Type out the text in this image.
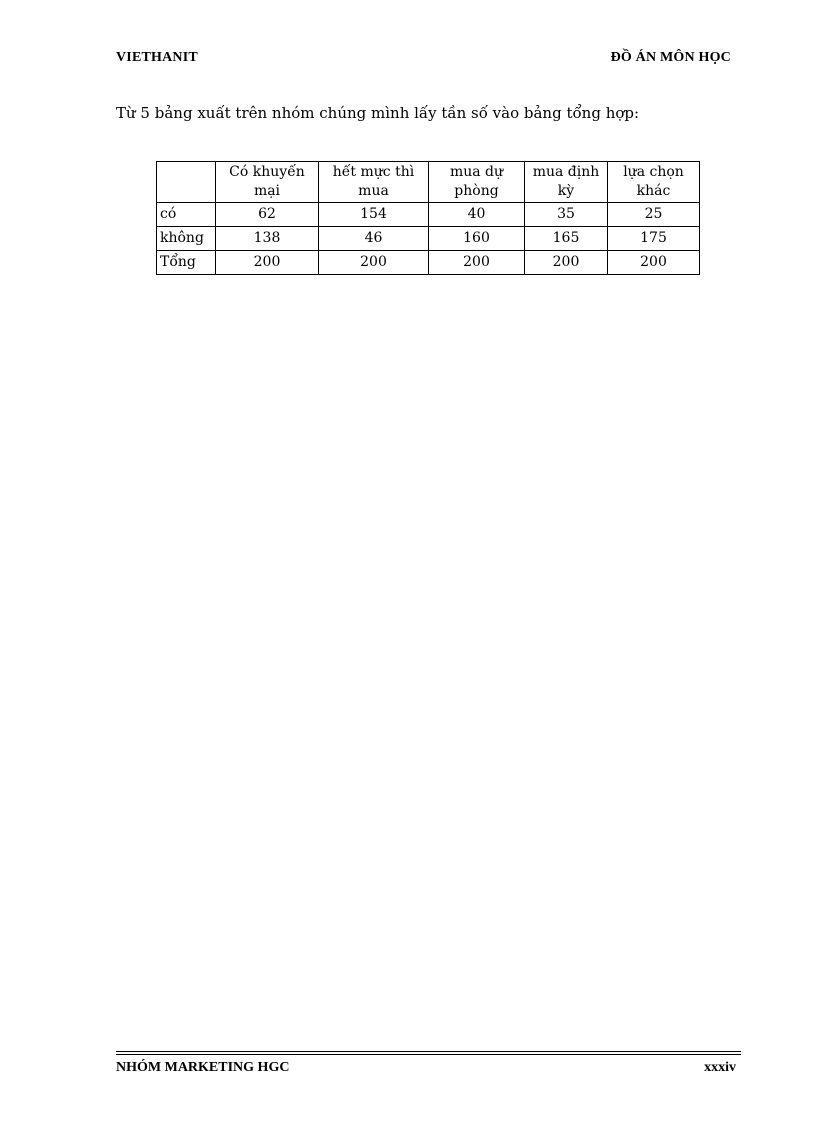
VIETHANIT	ĐỒ ÁN MÔN HỌC
Từ 5 bảng xuất trên nhóm chúng mình lấy tần số vào bảng tổng hợp:
	Có khuyến mại	hết mực thì mua	mua dự phòng	mua định kỳ	lựa chọn khác
có	62	154	40	35	25
không	138	46	160	165	175
Tổng	200	200	200	200	200
NHÓM MARKETING HGC	xxxiv
